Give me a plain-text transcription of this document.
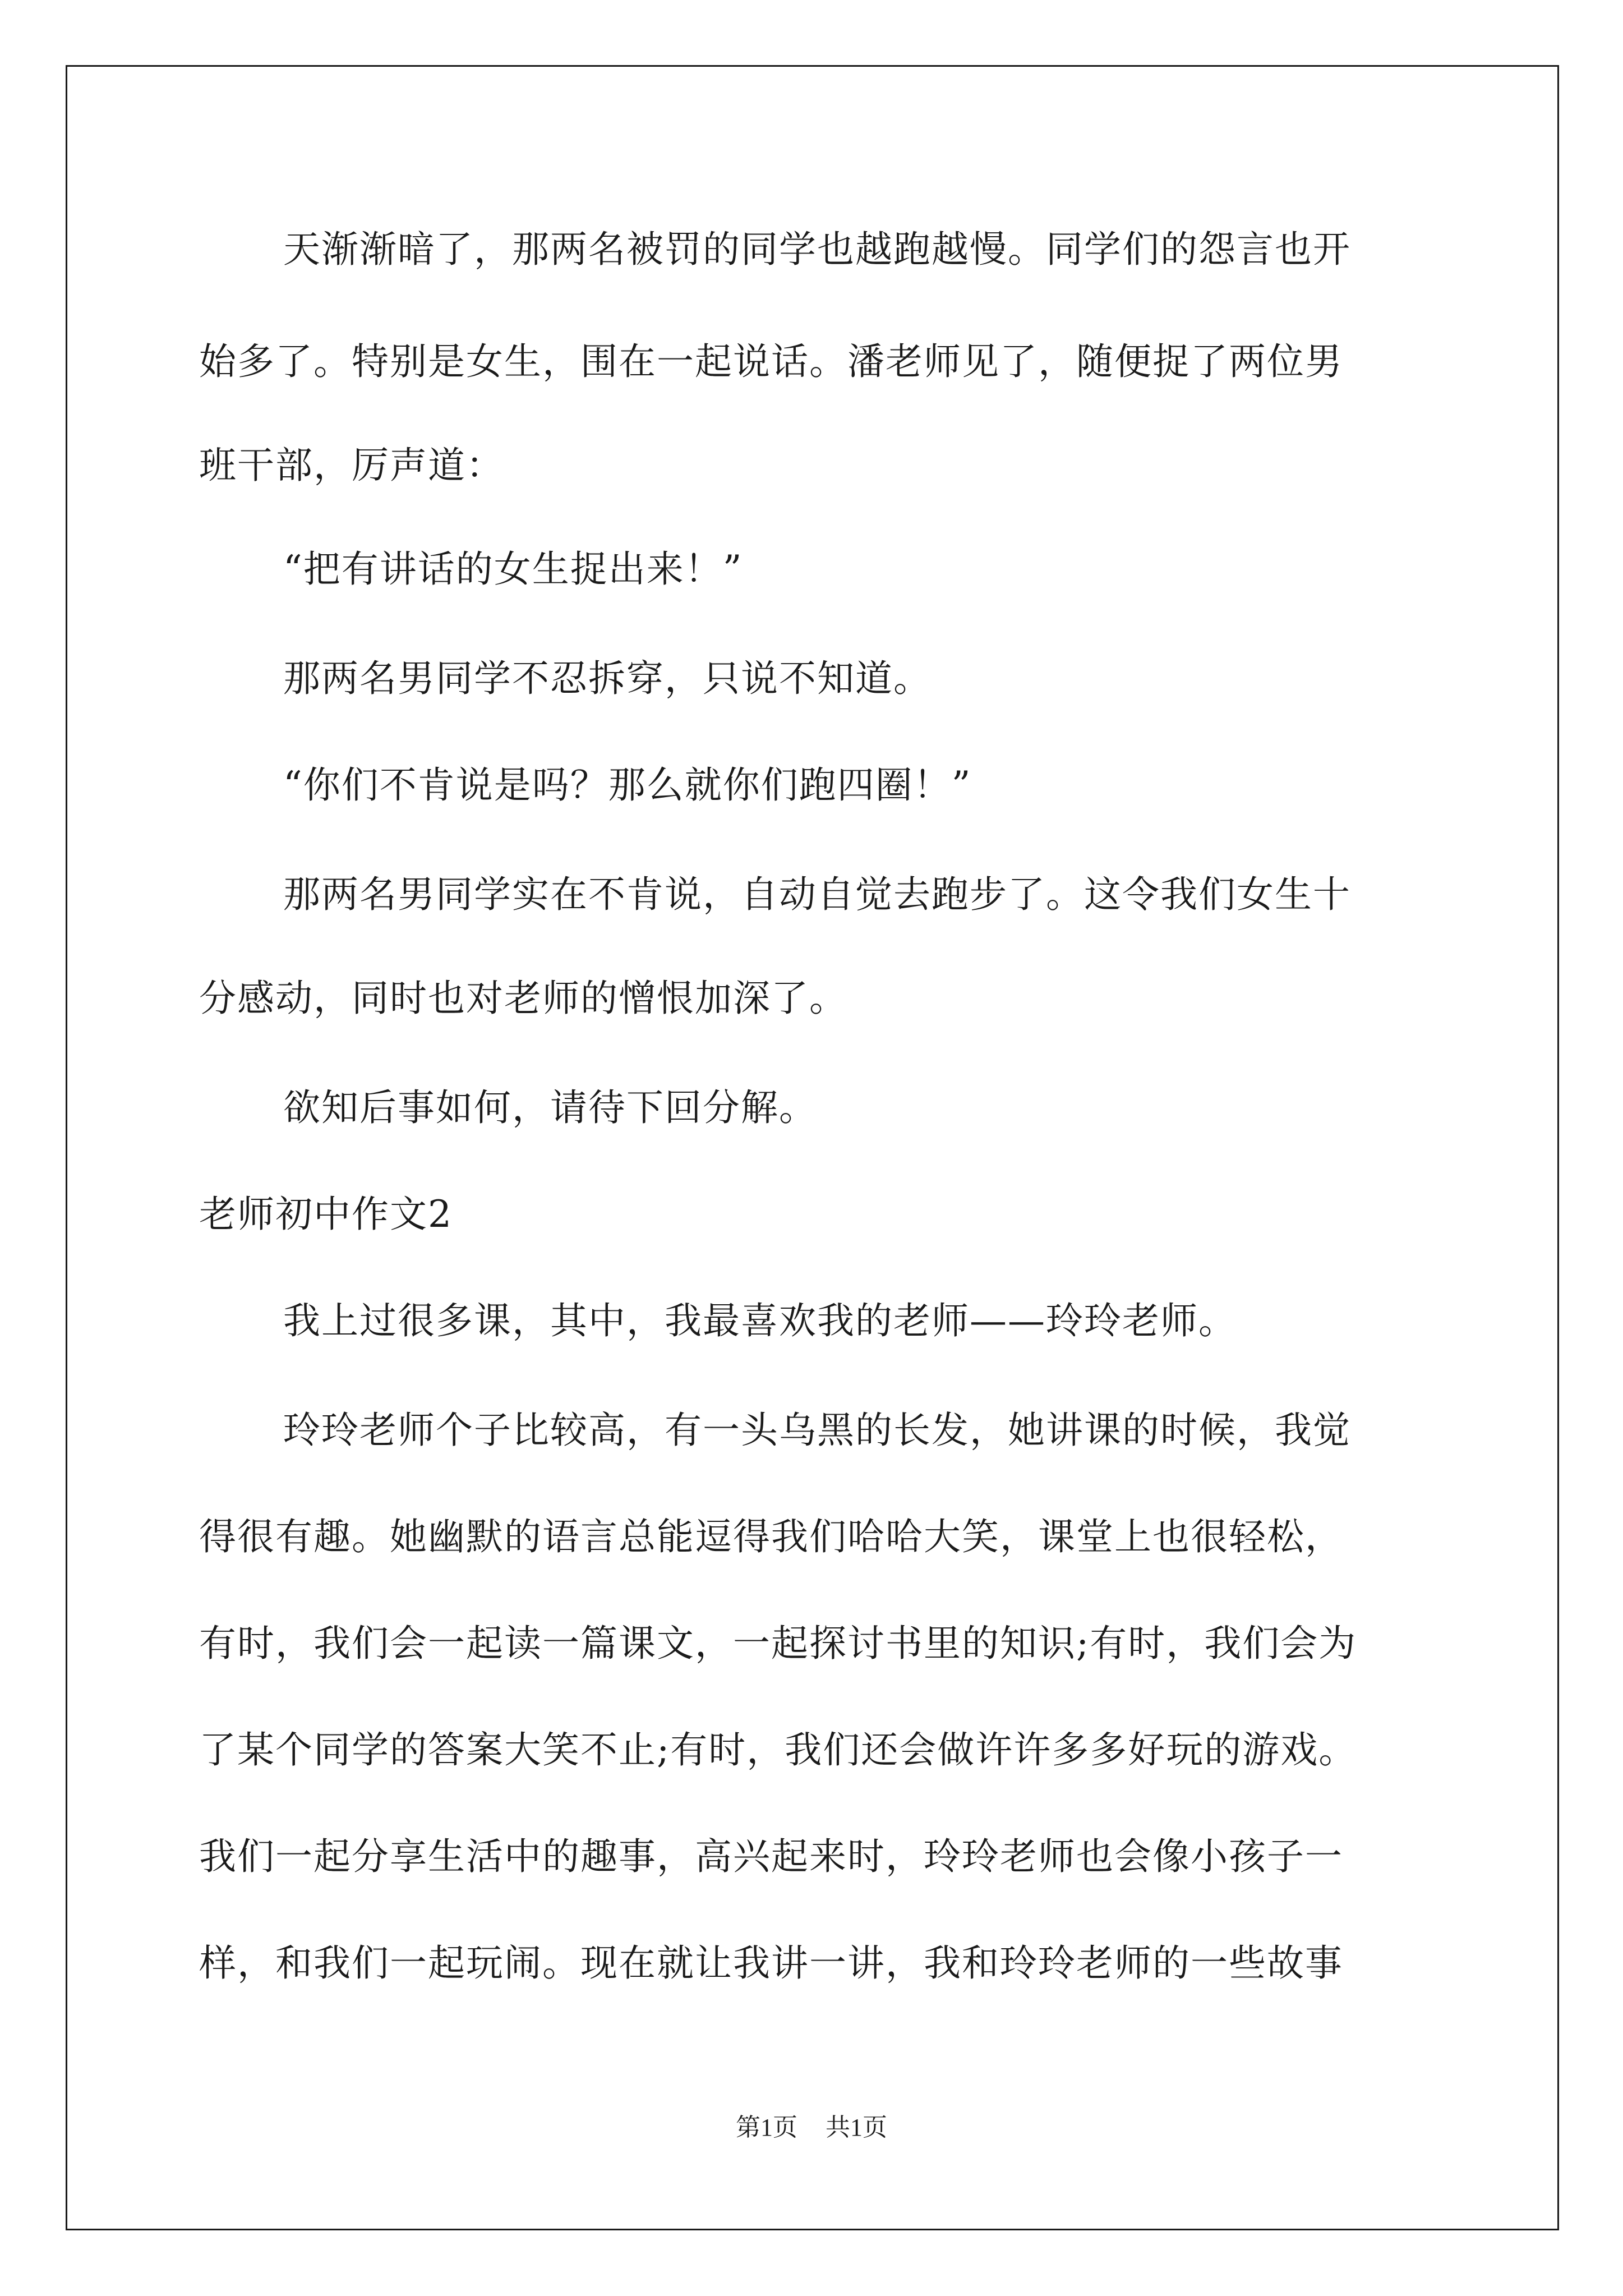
天渐渐暗了，那两名被罚的同学也越跑越慢。同学们的怨言也开
始多了。特别是女生，围在一起说话。潘老师见了，随便捉了两位男
班干部，厉声道：
“把有讲话的女生捉出来！”
那两名男同学不忍拆穿，只说不知道。
“你们不肯说是吗？那么就你们跑四圈！”
那两名男同学实在不肯说，自动自觉去跑步了。这令我们女生十
分感动，同时也对老师的憎恨加深了。
欲知后事如何，请待下回分解。
老师初中作文2
我上过很多课，其中，我最喜欢我的老师——玲玲老师。
玲玲老师个子比较高，有一头乌黑的长发，她讲课的时候，我觉
得很有趣。她幽默的语言总能逗得我们哈哈大笑，课堂上也很轻松，
有时，我们会一起读一篇课文，一起探讨书里的知识;有时，我们会为
了某个同学的答案大笑不止;有时，我们还会做许许多多好玩的游戏。
我们一起分享生活中的趣事，高兴起来时，玲玲老师也会像小孩子一
样，和我们一起玩闹。现在就让我讲一讲，我和玲玲老师的一些故事
第1页 共1页
